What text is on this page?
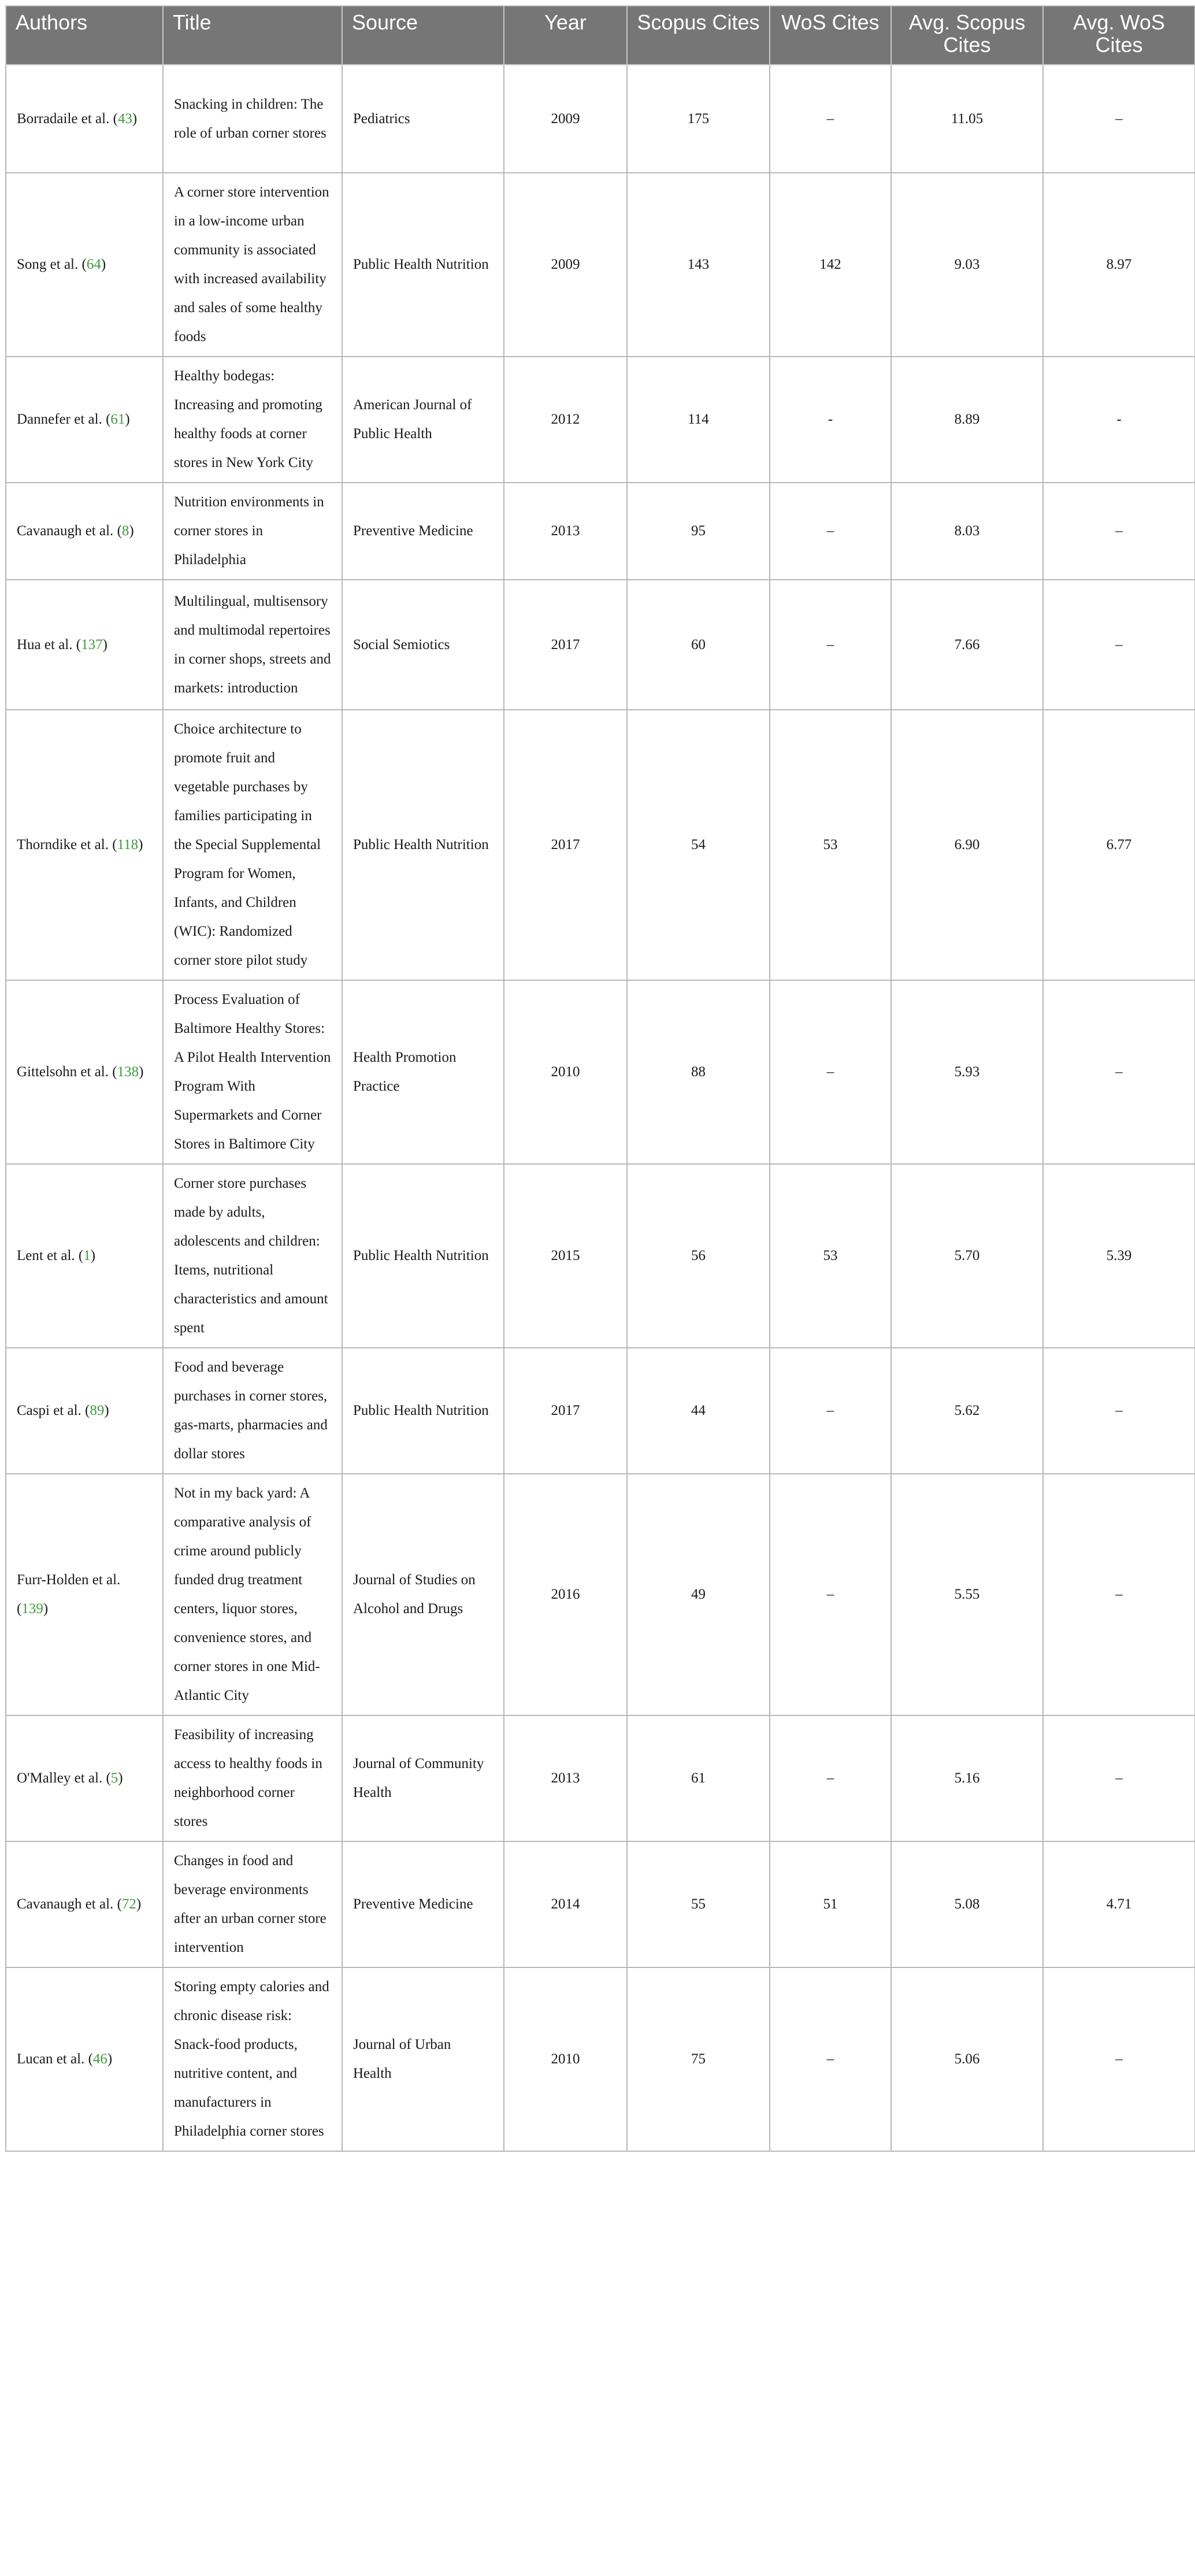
Authors	Title	Source	Year	Scopus Cites	WoS Cites	Avg. Scopus Cites	Avg. WoS Cites
Borradaile et al. (43)	Snacking in children: The role of urban corner stores	Pediatrics	2009	175	–	11.05	–
Song et al. (64)	A corner store intervention in a low-income urban community is associated with increased availability and sales of some healthy foods	Public Health Nutrition	2009	143	142	9.03	8.97
Dannefer et al. (61)	Healthy bodegas: Increasing and promoting healthy foods at corner stores in New York City	American Journal of Public Health	2012	114	-	8.89	-
Cavanaugh et al. (8)	Nutrition environments in corner stores in Philadelphia	Preventive Medicine	2013	95	–	8.03	–
Hua et al. (137)	Multilingual, multisensory and multimodal repertoires in corner shops, streets and markets: introduction	Social Semiotics	2017	60	–	7.66	–
Thorndike et al. (118)	Choice architecture to promote fruit and vegetable purchases by families participating in the Special Supplemental Program for Women, Infants, and Children (WIC): Randomized corner store pilot study	Public Health Nutrition	2017	54	53	6.90	6.77
Gittelsohn et al. (138)	Process Evaluation of Baltimore Healthy Stores: A Pilot Health Intervention Program With Supermarkets and Corner Stores in Baltimore City	Health Promotion Practice	2010	88	–	5.93	–
Lent et al. (1)	Corner store purchases made by adults, adolescents and children: Items, nutritional characteristics and amount spent	Public Health Nutrition	2015	56	53	5.70	5.39
Caspi et al. (89)	Food and beverage purchases in corner stores, gas-marts, pharmacies and dollar stores	Public Health Nutrition	2017	44	–	5.62	–
Furr-Holden et al. (139)	Not in my back yard: A comparative analysis of crime around publicly funded drug treatment centers, liquor stores, convenience stores, and corner stores in one Mid-Atlantic City	Journal of Studies on Alcohol and Drugs	2016	49	–	5.55	–
O'Malley et al. (5)	Feasibility of increasing access to healthy foods in neighborhood corner stores	Journal of Community Health	2013	61	–	5.16	–
Cavanaugh et al. (72)	Changes in food and beverage environments after an urban corner store intervention	Preventive Medicine	2014	55	51	5.08	4.71
Lucan et al. (46)	Storing empty calories and chronic disease risk: Snack-food products, nutritive content, and manufacturers in Philadelphia corner stores	Journal of Urban Health	2010	75	–	5.06	–
